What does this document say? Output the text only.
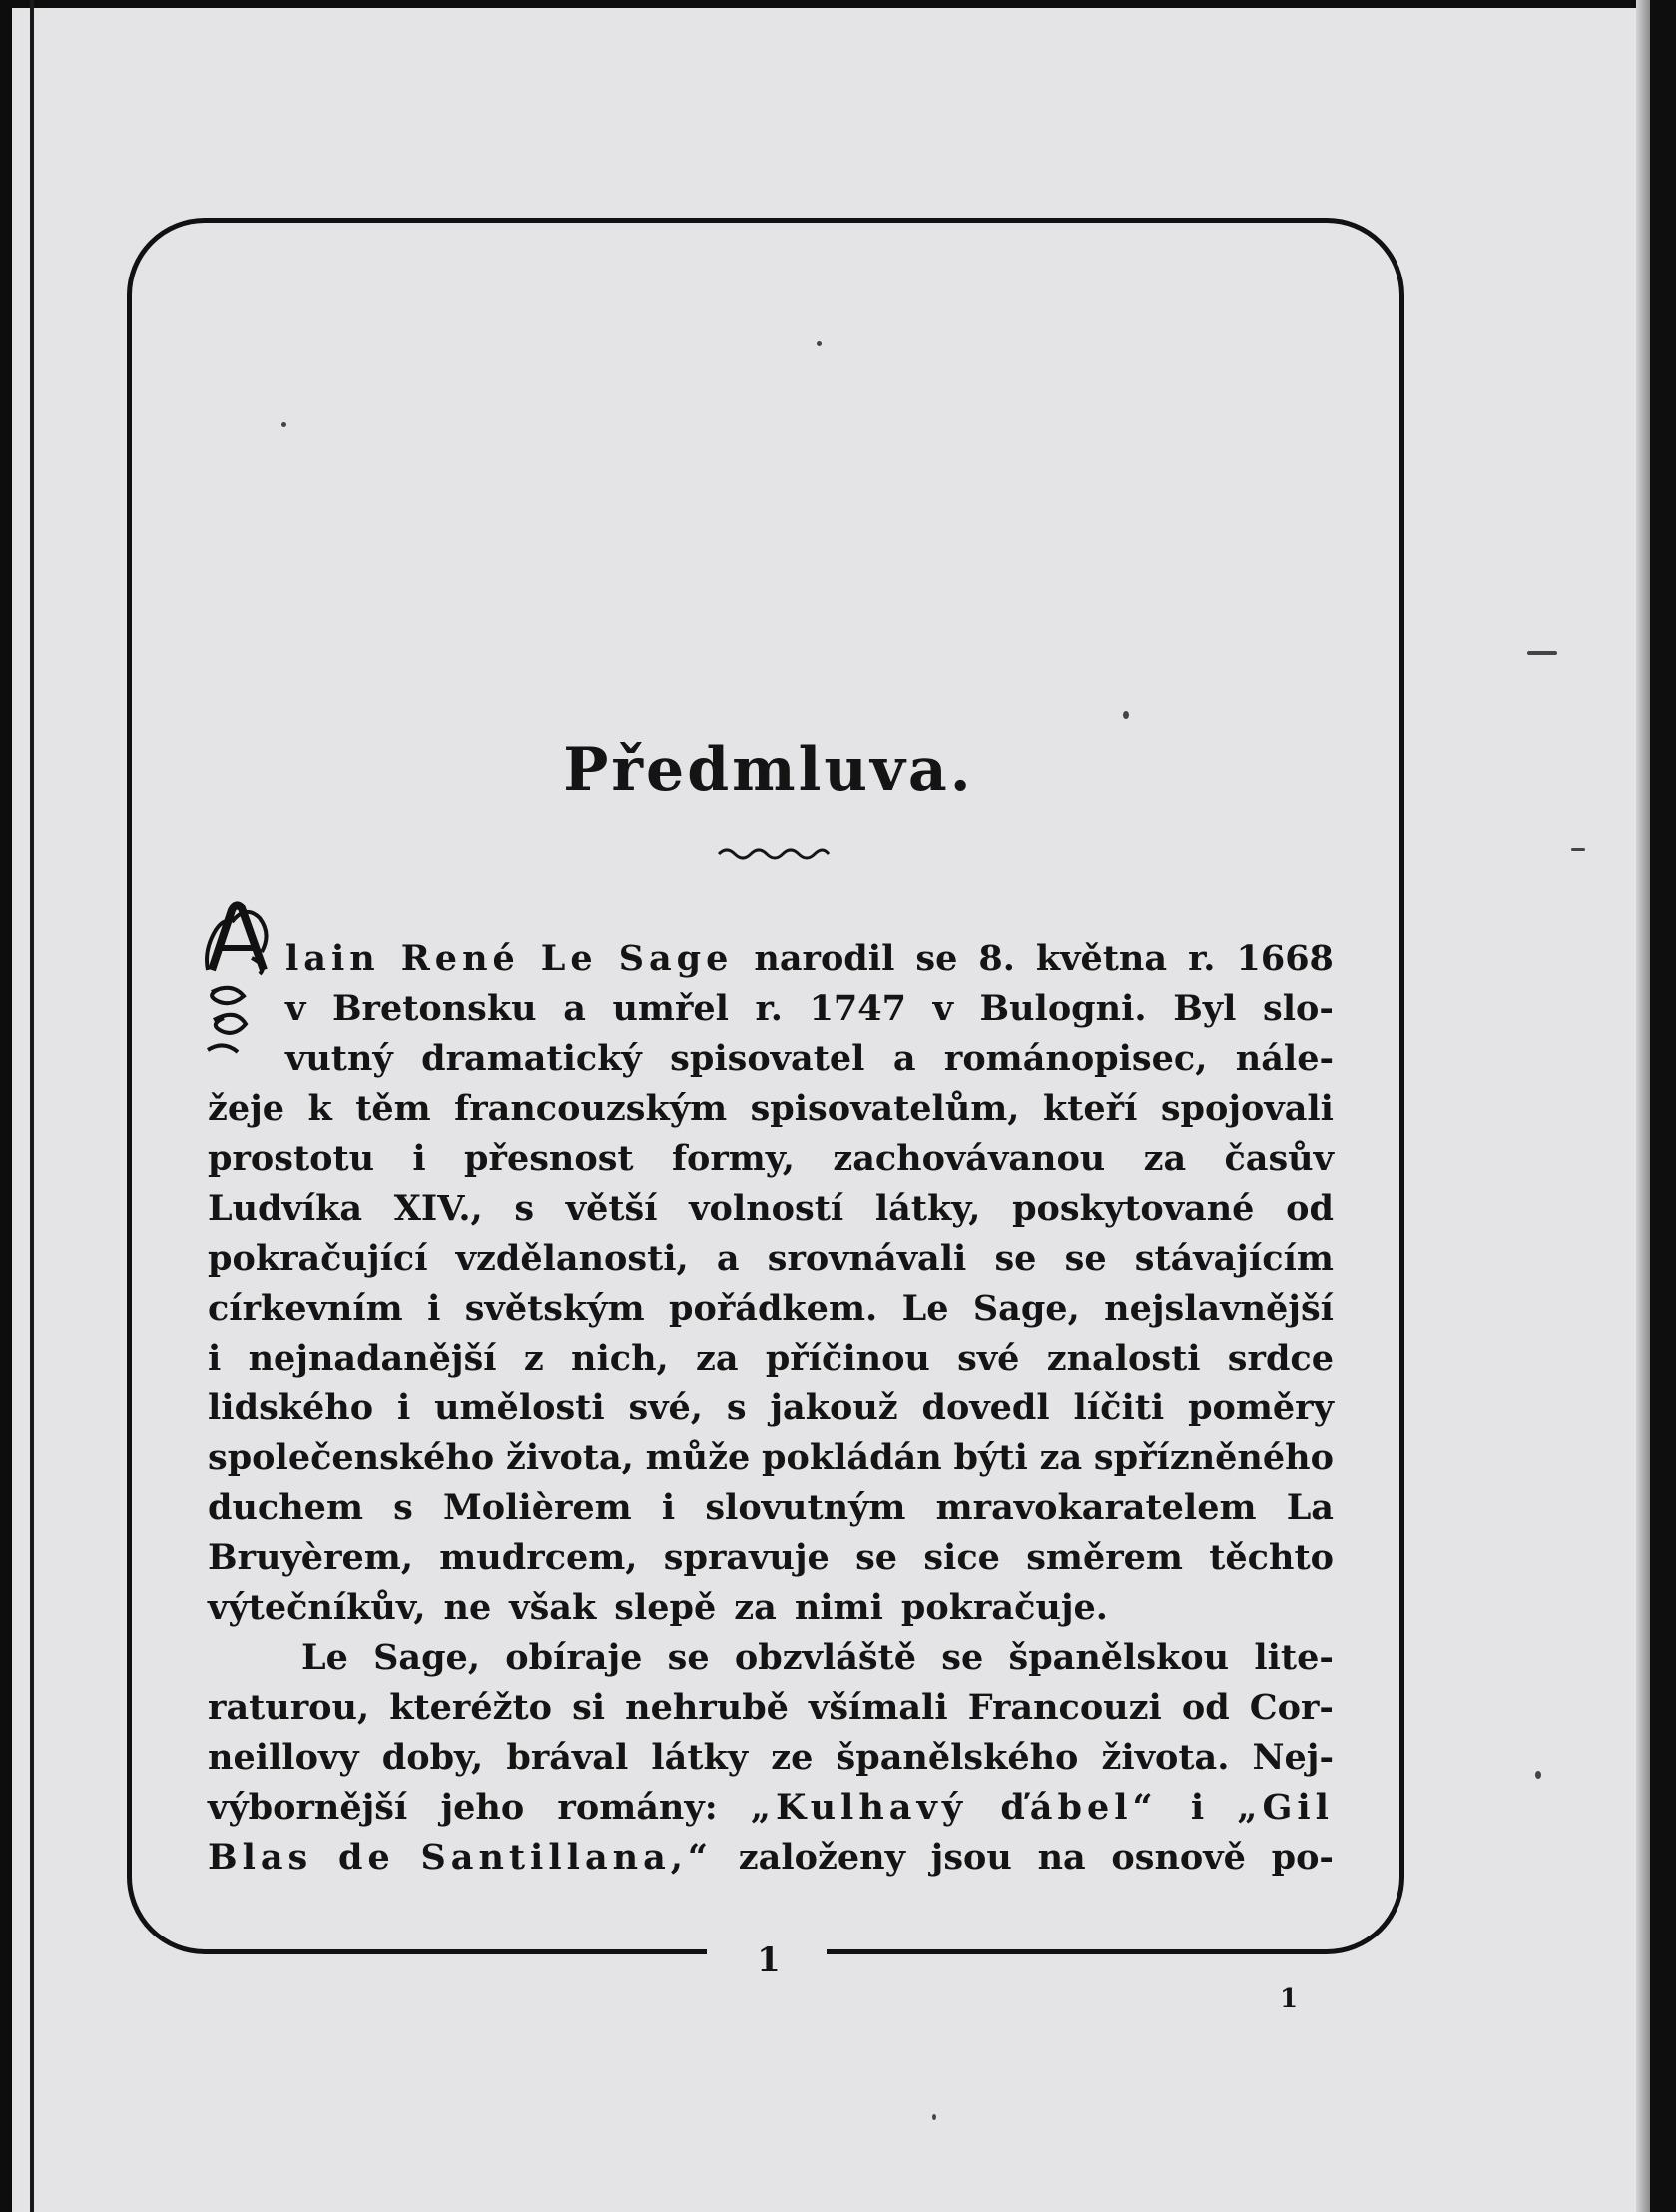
1
1
Předmluva.
lain René Le Sage narodil se 8. května r. 1668
v Bretonsku a umřel r. 1747 v Bulogni. Byl slo-
vutný dramatický spisovatel a románopisec, nále-
žeje k těm francouzským spisovatelům, kteří spojovali
prostotu i přesnost formy, zachovávanou za časův
Ludvíka XIV., s větší volností látky, poskytované od
pokračující vzdělanosti, a srovnávali se se stávajícím
církevním i světským pořádkem. Le Sage, nejslavnější
i nejnadanější z nich, za příčinou své znalosti srdce
lidského i umělosti své, s jakouž dovedl líčiti poměry
společenského života, může pokládán býti za spřízněného
duchem s Molièrem i slovutným mravokaratelem La
Bruyèrem, mudrcem, spravuje se sice směrem těchto
výtečníkův, ne však slepě za nimi pokračuje.
Le Sage, obíraje se obzvláště se španělskou lite-
raturou, kteréžto si nehrubě všímali Francouzi od Cor-
neillovy doby, brával látky ze španělského života. Nej-
výbornější jeho romány: „Kulhavý ďábel“ i „Gil
Blas de Santillana,“ založeny jsou na osnově po-
